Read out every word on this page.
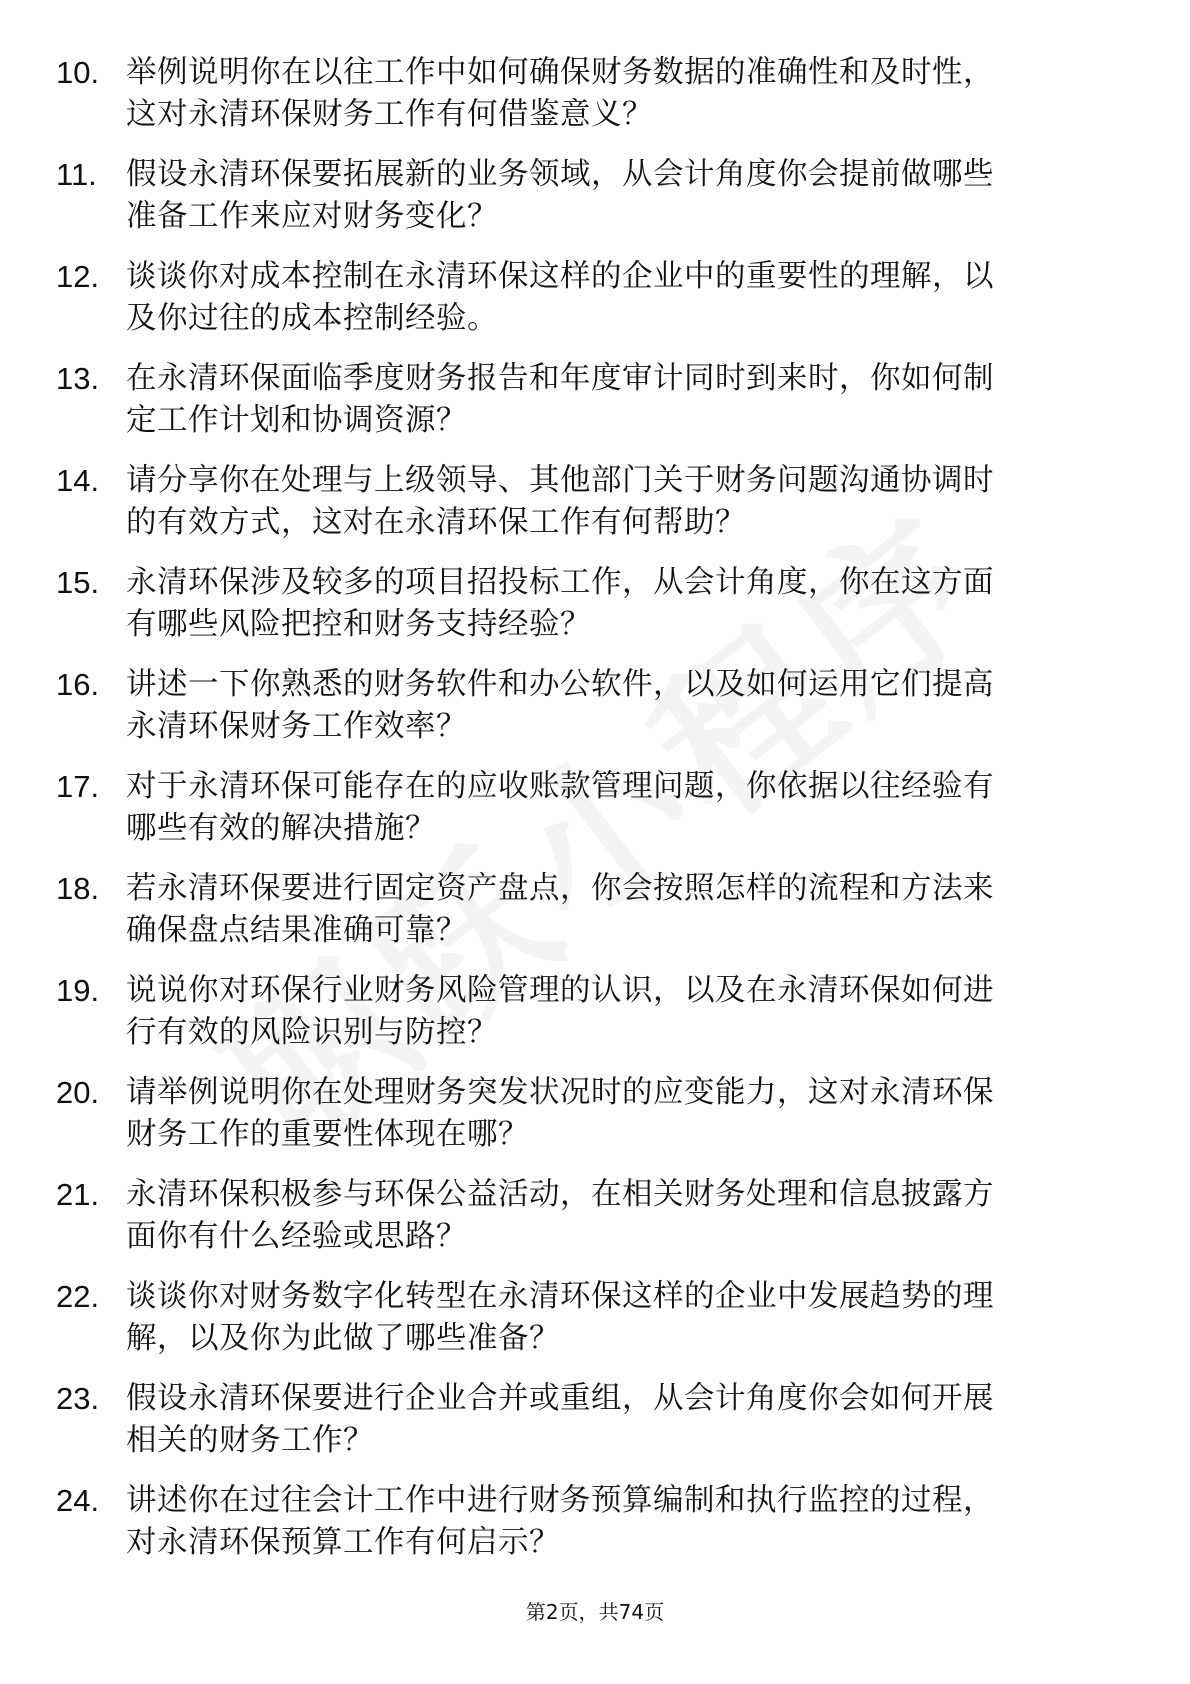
10. 举例说明你在以往工作中如何确保财务数据的准确性和及时性，
这对永清环保财务工作有何借鉴意义？
11. 假设永清环保要拓展新的业务领域，从会计角度你会提前做哪些
准备工作来应对财务变化？
12. 谈谈你对成本控制在永清环保这样的企业中的重要性的理解，以
及你过往的成本控制经验。
13. 在永清环保面临季度财务报告和年度审计同时到来时，你如何制
定工作计划和协调资源？
14. 请分享你在处理与上级领导、其他部门关于财务问题沟通协调时
的有效方式，这对在永清环保工作有何帮助？
15. 永清环保涉及较多的项目招投标工作，从会计角度，你在这方面
有哪些风险把控和财务支持经验？
16. 讲述一下你熟悉的财务软件和办公软件，以及如何运用它们提高
永清环保财务工作效率？
17. 对于永清环保可能存在的应收账款管理问题，你依据以往经验有
哪些有效的解决措施？
18. 若永清环保要进行固定资产盘点，你会按照怎样的流程和方法来
确保盘点结果准确可靠？
19. 说说你对环保行业财务风险管理的认识，以及在永清环保如何进
行有效的风险识别与防控？
20. 请举例说明你在处理财务突发状况时的应变能力，这对永清环保
财务工作的重要性体现在哪？
21. 永清环保积极参与环保公益活动，在相关财务处理和信息披露方
面你有什么经验或思路？
22. 谈谈你对财务数字化转型在永清环保这样的企业中发展趋势的理
解，以及你为此做了哪些准备？
23. 假设永清环保要进行企业合并或重组，从会计角度你会如何开展
相关的财务工作？
24. 讲述你在过往会计工作中进行财务预算编制和执行监控的过程，
对永清环保预算工作有何启示？
第2页，共74页
